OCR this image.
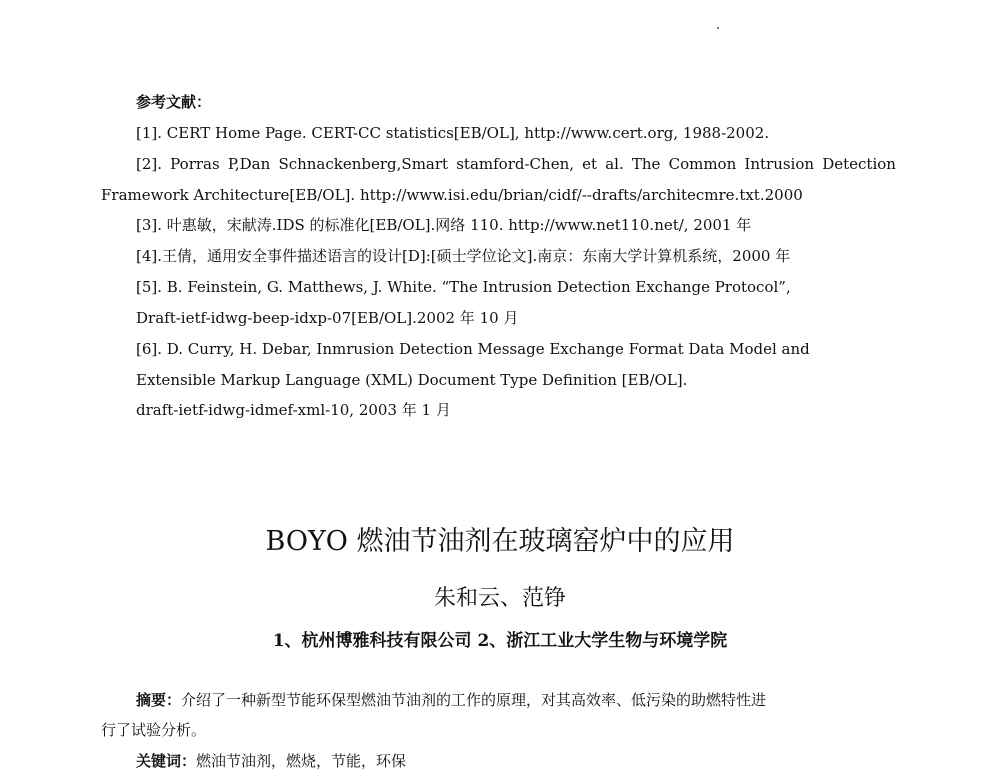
参考文献：
[1]. CERT Home Page. CERT-CC statistics[EB/OL], http://www.cert.org, 1988-2002.
[2]. Porras P,Dan Schnackenberg,Smart stamford-Chen, et al. The Common Intrusion Detection
Framework Architecture[EB/OL]. http://www.isi.edu/brian/cidf/--drafts/architecmre.txt.2000
[3]. 叶惠敏，宋献涛.IDS 的标准化[EB/OL].网络 110. http://www.net110.net/, 2001 年
[4].王倩，通用安全事件描述语言的设计[D]:[硕士学位论文].南京：东南大学计算机系统，2000 年
[5]. B. Feinstein, G. Matthews, J. White. “The Intrusion Detection Exchange Protocol”,
Draft-ietf-idwg-beep-idxp-07[EB/OL].2002 年 10 月
[6]. D. Curry, H. Debar, Inmrusion Detection Message Exchange Format Data Model and
Extensible Markup Language (XML) Document Type Definition [EB/OL].
draft-ietf-idwg-idmef-xml-10, 2003 年 1 月
BOYO 燃油节油剂在玻璃窑炉中的应用
朱和云、范铮
1、杭州博雅科技有限公司 2、浙江工业大学生物与环境学院
摘要：介绍了一种新型节能环保型燃油节油剂的工作的原理，对其高效率、低污染的助燃特性进
行了试验分析。
关键词：燃油节油剂，燃烧，节能，环保
